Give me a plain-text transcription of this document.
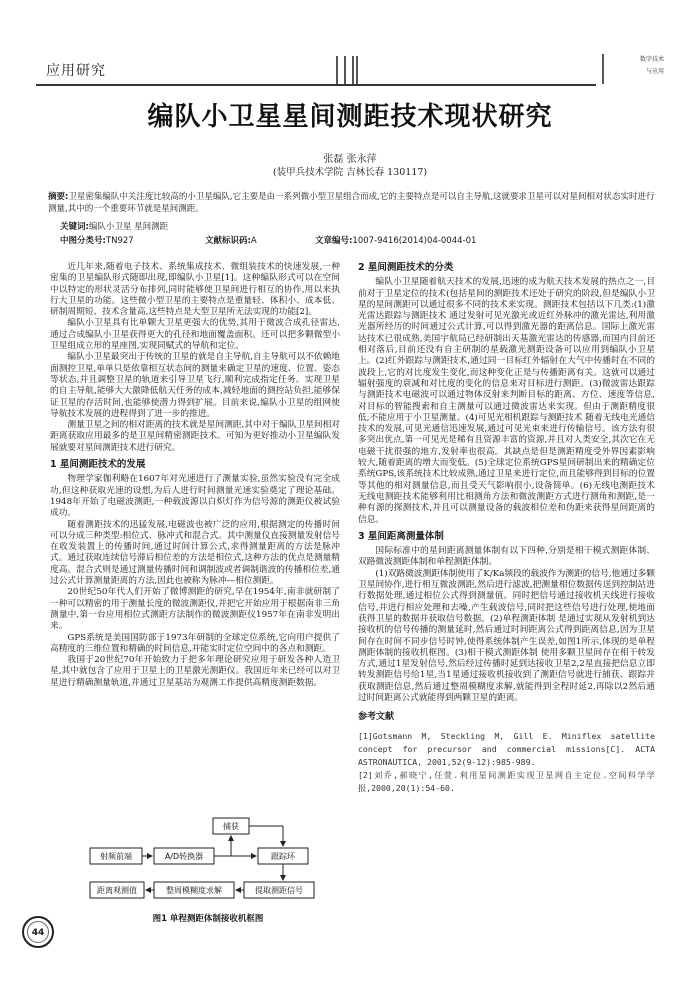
应用研究
数字技术
与应用
编队小卫星星间测距技术现状研究
张磊 张永萍
(装甲兵技术学院 吉林长春 130117)
摘要:卫星密集编队中关注度比较高的小卫星编队,它主要是由一系列微小型卫星组合而成,它的主要特点是可以自主导航,这就要求卫星可以对星间相对状态实时进行测量,其中的一个重要环节就是星间测距。
关键词:编队小卫星 星间测距
中图分类号:TN927	文献标识码:A	文章编号:1007-9416(2014)04-0044-01

近几年来,随着电子技术、系统集成技术、微组装技术的快速发展,一种密集的卫星编队形式随即出现,即编队小卫星[1]。这种编队形式可以在空间中以特定的形状灵活分布排列,同时能够使卫星间进行相互的协作,用以来执行大卫星的功能。这些微小型卫星的主要特点是重量轻、体积小、成本低、研制周期短、技术含量高,这些特点是大型卫星所无法实现的功能[2]。

编队小卫星具有比单颗大卫星更强大的优势,其用于微波合成孔径雷达,通过合成编队小卫星获得更大的孔径和地面覆盖面积。还可以把多颗微型小卫星组成立形的星座图,实现同赋式的导航和定位。

编队小卫星最突出于传统的卫星的就是自主导航,自主导航可以不依赖地面测控卫星,单单只是依靠相互状态间的测量来确定卫星的速度、位置、姿态等状态,并且调整卫星的轨道来引导卫星飞行,顺利完成指定任务。实现卫星的自主导航,能够大大激降低航天任务的成本,减轻地面的测控站负担,能够保证卫星的存活时间,也能够使潜力得到扩展。目前来说,编队小卫星的组网使导航技术发展的进程得到了进一步的推进。

测量卫星之间的相对距离的技术就是星间测距,其中对于编队卫星间相对距离获取应用最多的是卫星间精密测距技术。可知为更好推动小卫星编队发展就要对星间测距技术进行研究。

1 星间测距技术的发展

物理学家伽利略在1607年对光速进行了测量实验,虽然实验没有完全成功,但这种获取光速的设想,为后人进行时间测量光速实验奠定了理论基础。1948年开始了电磁波测距,一种载波源以白炽灯作为信号源的测距仪被试验成功。

随着测距技术的迅猛发展,电磁波也被广泛的应用,根据测定的传播时间可以分成三种类型:相位式、脉冲式和混合式。其中测量仪直接测量发射信号在收发装置上的传播时间,通过时间计算公式,求得测量距离的方法是脉冲式。通过获取连续信号滞后相位差的方法是相位式,这种方法的优点是测量精度高。混合式则是通过测量传播时间和调制波或者调制谐波的传播相位差,通过公式计算测量距离的方法,因此也被称为脉冲—相位测距。

20世纪50年代人们开始了微博测距的研究,早在1954年,南非就研制了一种可以精密的用于测量长度的微波测距仪,并把它开始应用于根据南非三角测量中,第一台应用相位式测距方法制作的微波测距仪1957年在南非发明出来。

GPS系统是美国国防部于1973年研制的全球定位系统,它向用户提供了高精度的三维位置和精确的时间信息,并能实时定位空间中的各点和测距。

我国于20世纪70年开始致力于把多年理论研究应用于研发各种人造卫星,其中就包含了应用于卫星上的卫星激光测距仪。我国近年来已经可以对卫星进行精确测量轨道,并通过卫星基站为观测工作提供高精度测距数据。

捕获
射频前端	A/D转换器	跟踪环
距离观测值	整周模糊度求解	提取测距信号
图1 单程测距体制接收机框图
2 星间测距技术的分类

编队小卫星随着航天技术的发展,迅速的成为航天技术发展的热点之一,目前对于卫星定位的技术(包括星间的测距技术还处于研究的阶段,但是编队小卫星的星间测距可以通过很多不同的技术来实现。测距技术包括以下几类:(1)激光雷达跟踪与测距技术 通过发射可见光激光或近红外脉冲的激光雷达,利用激光器所经历的时间通过公式计算,可以得到激光器的距离信息。国际上激光雷达技术已很成熟,美国宇航局已经研制出天基激光雷达的传感器,而国内目前还相对落后,目前还没有自主研制的星载激光测距设备可以应用到编队小卫星上。(2)红外跟踪与测距技术,通过同一目标红外辐射在大气中传播时在不同的波段上,它的对比度发生变化,而这种变化正是与传播距离有关。这就可以通过辐射强度的衰减和对比度的变化的信息来对目标进行测距。(3)微波雷达跟踪与测距技术电磁波可以通过物体反射来判断目标的距离、方位、速度等信息,对目标的智能搜索和自主测量可以通过微波雷达来实现。但由于测距精度很低,不能应用于小卫星测量。(4)可见光相机跟踪与测距技术 随着无线电光通信技术的发展,可见光通信迅速发展,通过可见光束来进行传输信号。该方法有很多突出优点,第一可见光是稀有且资源丰富的资源,并且对人类安全,其次它在无电磁干扰很强的地方,发射率也很高。其缺点是但是测距精度受外界因素影响较大,随着距离的增大而变低。(5)全球定位系统GPS星间研制出来的精确定位系统GPS,该系统技术比较成熟,通过卫星来进行定位,而且能够得到目标的位置等其他的相对测量信息,而且受天气影响很小,设备简单。(6)无线电测距技术 无线电测距技术能够利用比相测角方法和微波测距方式进行测角和测距,是一种有源的探测技术,并且可以测量设备的载波相位差和伪距来获得星间距离的信息。

3 星间距离测量体制

国际标准中的星间距离测量体制有以下四种,分别是相干模式测距体制、双路微波测距体制和单程测距体制。

(1)双路微波测距体制使用了K/Ka频段的载波作为测距的信号,他通过多颗卫星间协作,进行相互微波测距,然后进行滤波,把测量相位数据传送到控制站进行数据处理,通过相位公式得到测量值。同时把信号通过接收机天线进行接收信号,并进行相应处理和去噪,产生载波信号,同时把这些信号进行处理,使地面获得卫星的数据并获取信号数据。(2)单程测距体制 是通过实现从发射机到达接收机的信号传播的测量延时,然后通过时间距离公式得到距离信息,因为卫星间存在时间不同步信号时钟,使得系统体制产生误差,如图1所示,体现的是单程测距体制的接收机框图。(3)相干模式测距体制 使用多颗卫星间存在相干转发方式,通过1星发射信号,然后经过传播时延到达接收卫星2,2星直接把信息立即转发测距信号给1星,当1星通过接收机接收到了测距信号就进行捕获、跟踪并获取测距信息,然后通过整周模糊度求解,就能得到全程时延2,再除以2然后通过时间距离公式就能得到两颗卫星的距离。

参考文献

[1]Gotsmann M, Steckling M, Gill E. Miniflex satellite concept for precursor and commercial missions[C]. ACTA ASTRONAUTICA, 2001,52(9-12):985-989.

[2]刘乔,郝晓宁,任萱.利用星间测距实现卫星网自主定位.空间科学学报,2000,20(1):54-60.

44
